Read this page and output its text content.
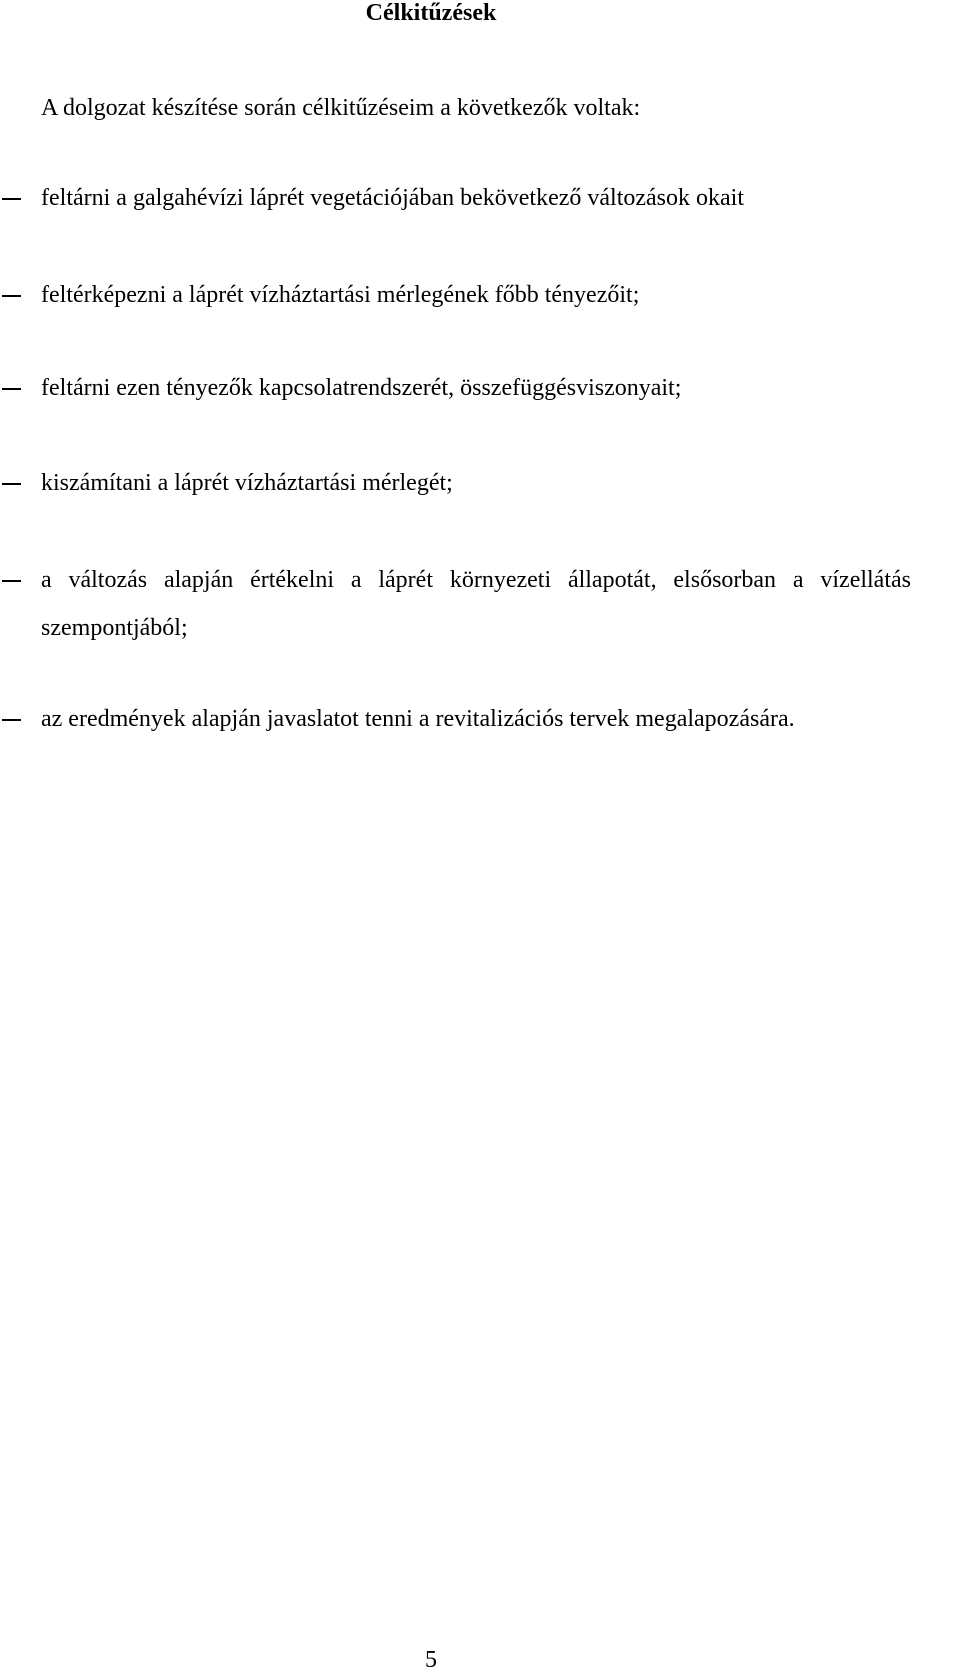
Célkitűzések
A dolgozat készítése során célkitűzéseim a következők voltak:
feltárni a galgahévízi láprét vegetációjában bekövetkező változások okait
feltérképezni a láprét vízháztartási mérlegének főbb tényezőit;
feltárni ezen tényezők kapcsolatrendszerét, összefüggésviszonyait;
kiszámítani a láprét vízháztartási mérlegét;
a változás alapján értékelni a láprét környezeti állapotát, elsősorban a vízellátás szempontjából;
az eredmények alapján javaslatot tenni a revitalizációs tervek megalapozására.
5
